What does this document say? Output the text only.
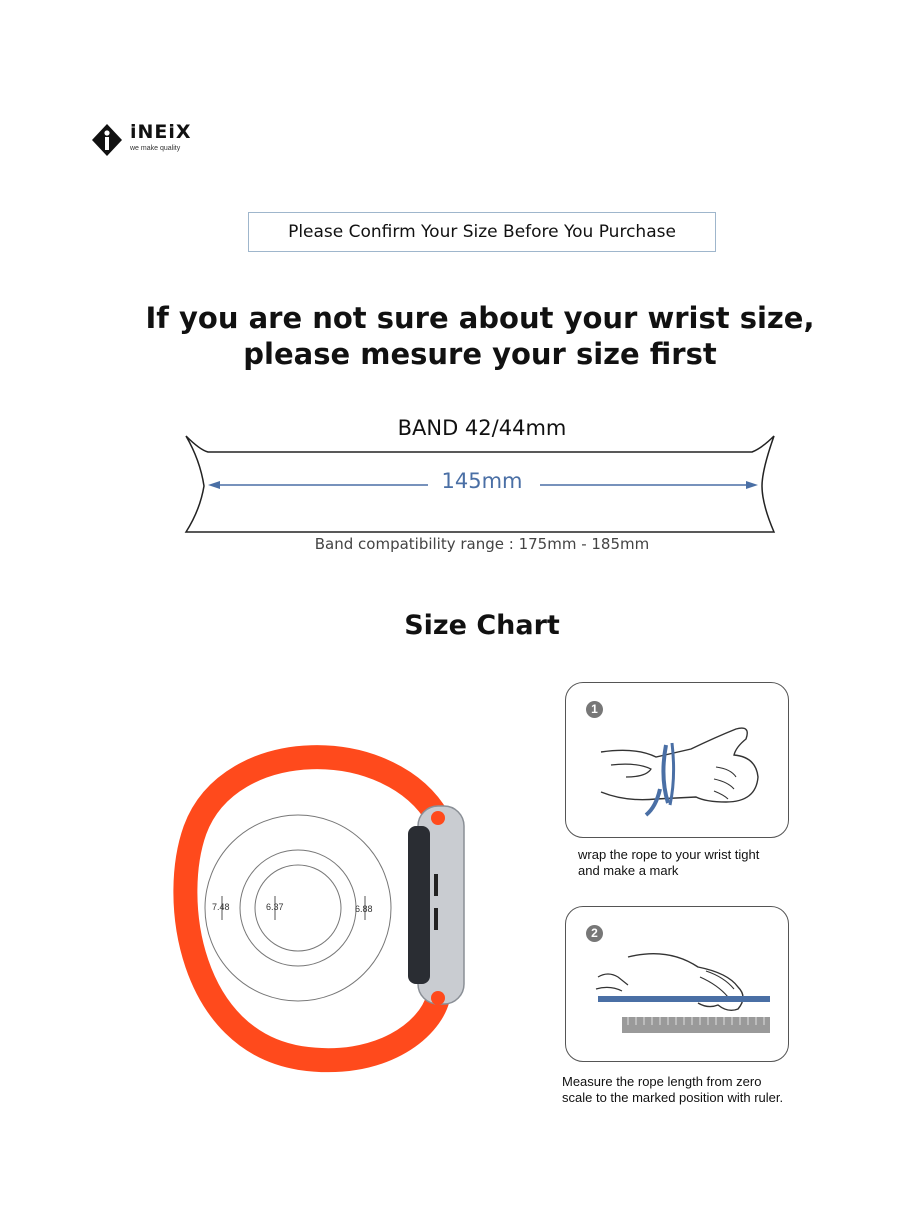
iNEiX
we make quality
Please Confirm Your Size Before You Purchase
If you are not sure about your wrist size,
please mesure your size first
BAND 42/44mm
145mm
Band compatibility range : 175mm - 185mm
Size Chart
7.48	6.37	6.88
1
wrap the rope to your wrist tight
and make a mark
2
Measure the rope length from zero
scale to the marked position with ruler.
